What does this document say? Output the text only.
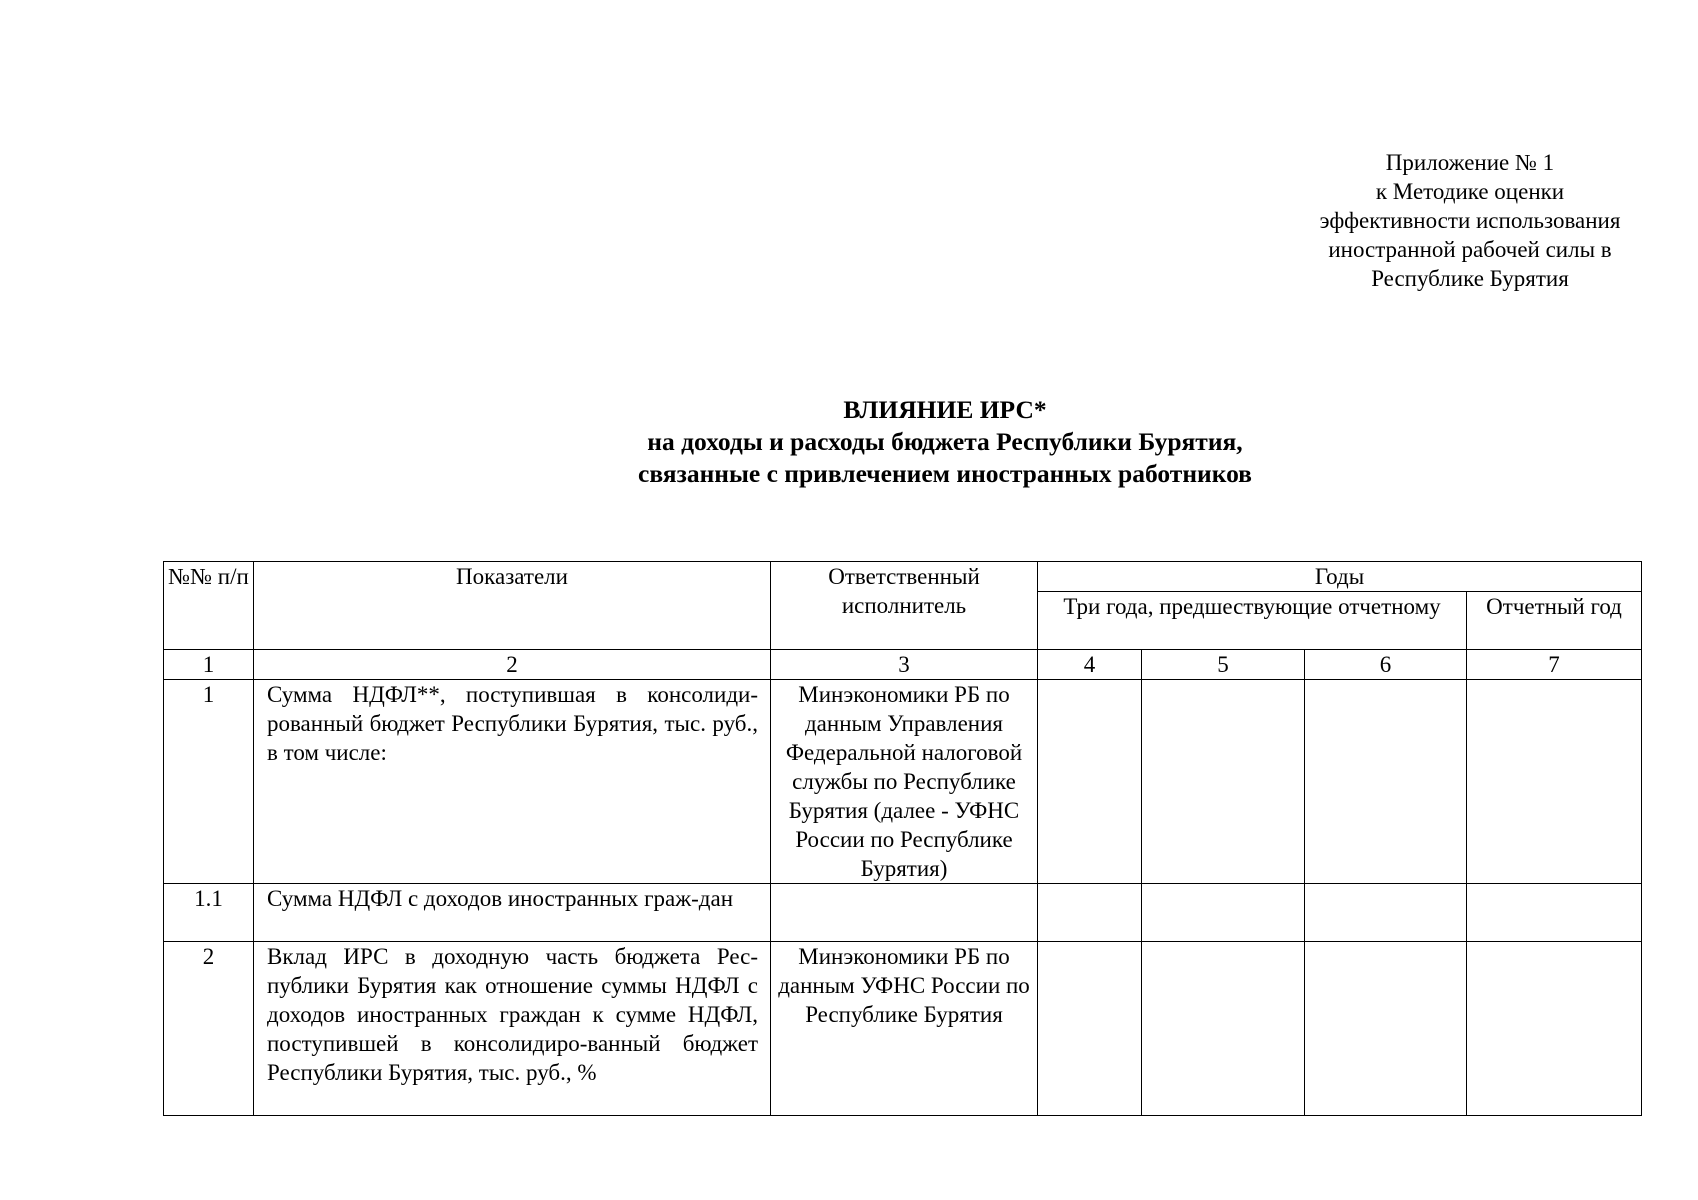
Приложение № 1
к Методике оценки
эффективности использования
иностранной рабочей силы в
Республике Бурятия
ВЛИЯНИЕ ИРС*
на доходы и расходы бюджета Республики Бурятия,
связанные с привлечением иностранных работников
№№ п/п	Показатели	Ответственный исполнитель	Годы			
			Три года, предшествующие отчетному			Отчетный год
1	2	3	4	5	6	7
1	Сумма НДФЛ**, поступившая в консолиди-рованный бюджет Республики Бурятия, тыс. руб., в том числе:	Минэкономики РБ по данным Управления Федеральной налоговой службы по Республике Бурятия (далее - УФНС России по Республике Бурятия)				
1.1	Сумма НДФЛ с доходов иностранных граж-дан					
2	Вклад ИРС в доходную часть бюджета Рес-публики Бурятия как отношение суммы НДФЛ с доходов иностранных граждан к сумме НДФЛ, поступившей в консолидиро-ванный бюджет Республики Бурятия, тыс. руб., %	Минэкономики РБ по данным УФНС России по Республике Бурятия				
